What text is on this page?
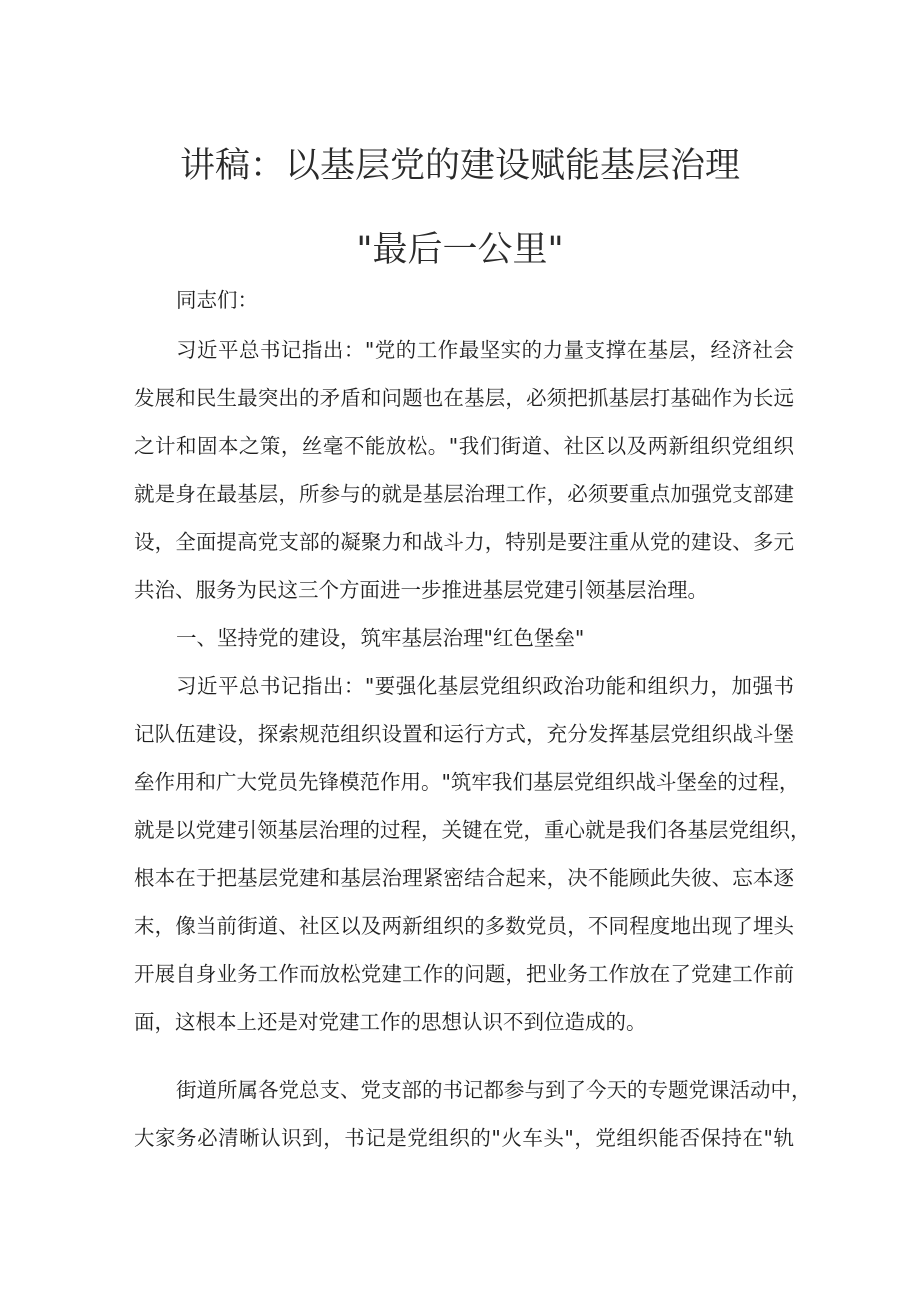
讲稿：以基层党的建设赋能基层治理
"最后一公里"
同志们：
习近平总书记指出："党的工作最坚实的力量支撑在基层，经济社会
发展和民生最突出的矛盾和问题也在基层，必须把抓基层打基础作为长远
之计和固本之策，丝毫不能放松。"我们街道、社区以及两新组织党组织
就是身在最基层，所参与的就是基层治理工作，必须要重点加强党支部建
设，全面提高党支部的凝聚力和战斗力，特别是要注重从党的建设、多元
共治、服务为民这三个方面进一步推进基层党建引领基层治理。
一、坚持党的建设，筑牢基层治理"红色堡垒"
习近平总书记指出："要强化基层党组织政治功能和组织力，加强书
记队伍建设，探索规范组织设置和运行方式，充分发挥基层党组织战斗堡
垒作用和广大党员先锋模范作用。"筑牢我们基层党组织战斗堡垒的过程，
就是以党建引领基层治理的过程，关键在党，重心就是我们各基层党组织，
根本在于把基层党建和基层治理紧密结合起来，决不能顾此失彼、忘本逐
末，像当前街道、社区以及两新组织的多数党员，不同程度地出现了埋头
开展自身业务工作而放松党建工作的问题，把业务工作放在了党建工作前
面，这根本上还是对党建工作的思想认识不到位造成的。
街道所属各党总支、党支部的书记都参与到了今天的专题党课活动中，
大家务必清晰认识到，书记是党组织的"火车头"，党组织能否保持在"轨
